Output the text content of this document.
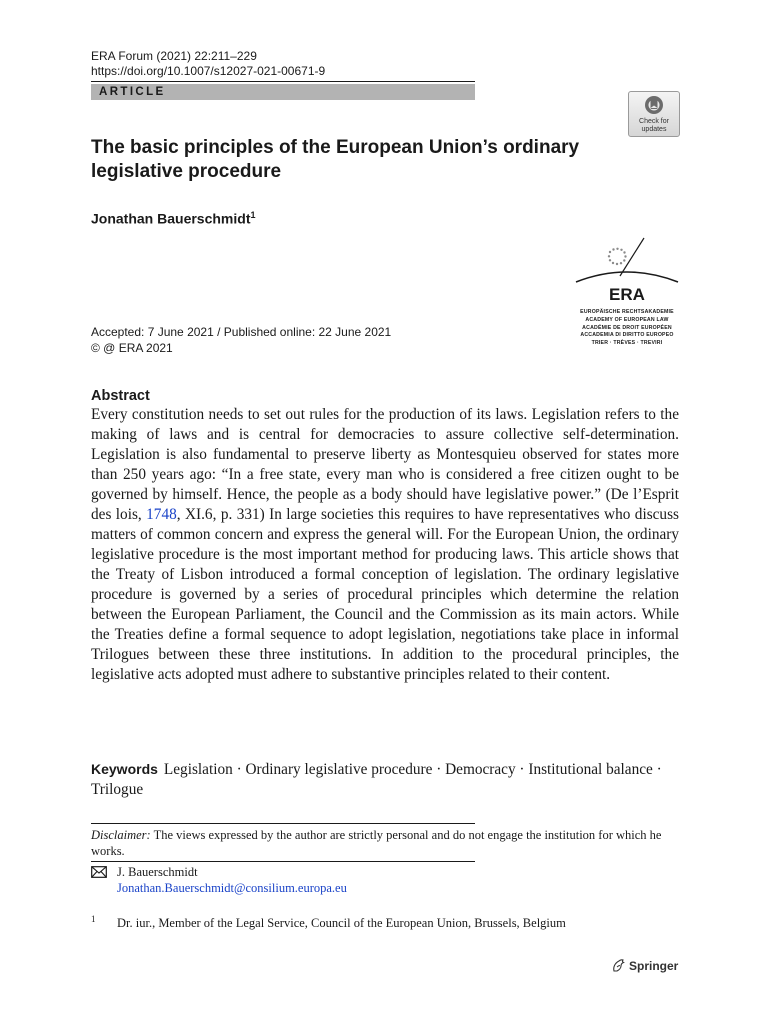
ERA Forum (2021) 22:211–229
https://doi.org/10.1007/s12027-021-00671-9
ARTICLE
Check for updates
The basic principles of the European Union’s ordinary legislative procedure
Jonathan Bauerschmidt$^1$
ERA
EUROPÄISCHE RECHTSAKADEMIE
ACADEMY OF EUROPEAN LAW
ACADÉMIE DE DROIT EUROPÉEN
ACCADEMIA DI DIRITTO EUROPEO
TRIER · TRÈVES · TREVIRI
Accepted: 7 June 2021 / Published online: 22 June 2021
© @ ERA 2021
Abstract
Every constitution needs to set out rules for the production of its laws. Legislation refers to the making of laws and is central for democracies to assure collective self-determination. Legislation is also fundamental to preserve liberty as Montesquieu observed for states more than 250 years ago: “In a free state, every man who is considered a free citizen ought to be governed by himself. Hence, the people as a body should have legislative power.” (De l’Esprit des lois, 1748, XI.6, p. 331) In large societies this requires to have representatives who discuss matters of common concern and express the general will. For the European Union, the ordinary legislative procedure is the most important method for producing laws. This article shows that the Treaty of Lisbon introduced a formal conception of legislation. The ordinary legislative procedure is governed by a series of procedural principles which determine the relation between the European Parliament, the Council and the Commission as its main actors. While the Treaties define a formal sequence to adopt legislation, negotiations take place in informal Trilogues between these three institutions. In addition to the procedural principles, the legislative acts adopted must adhere to substantive principles related to their content.
Keywords Legislation · Ordinary legislative procedure · Democracy · Institutional balance · Trilogue
Disclaimer: The views expressed by the author are strictly personal and do not engage the institution for which he works.
J. Bauerschmidt
Jonathan.Bauerschmidt@consilium.europa.eu
1 Dr. iur., Member of the Legal Service, Council of the European Union, Brussels, Belgium
Springer
